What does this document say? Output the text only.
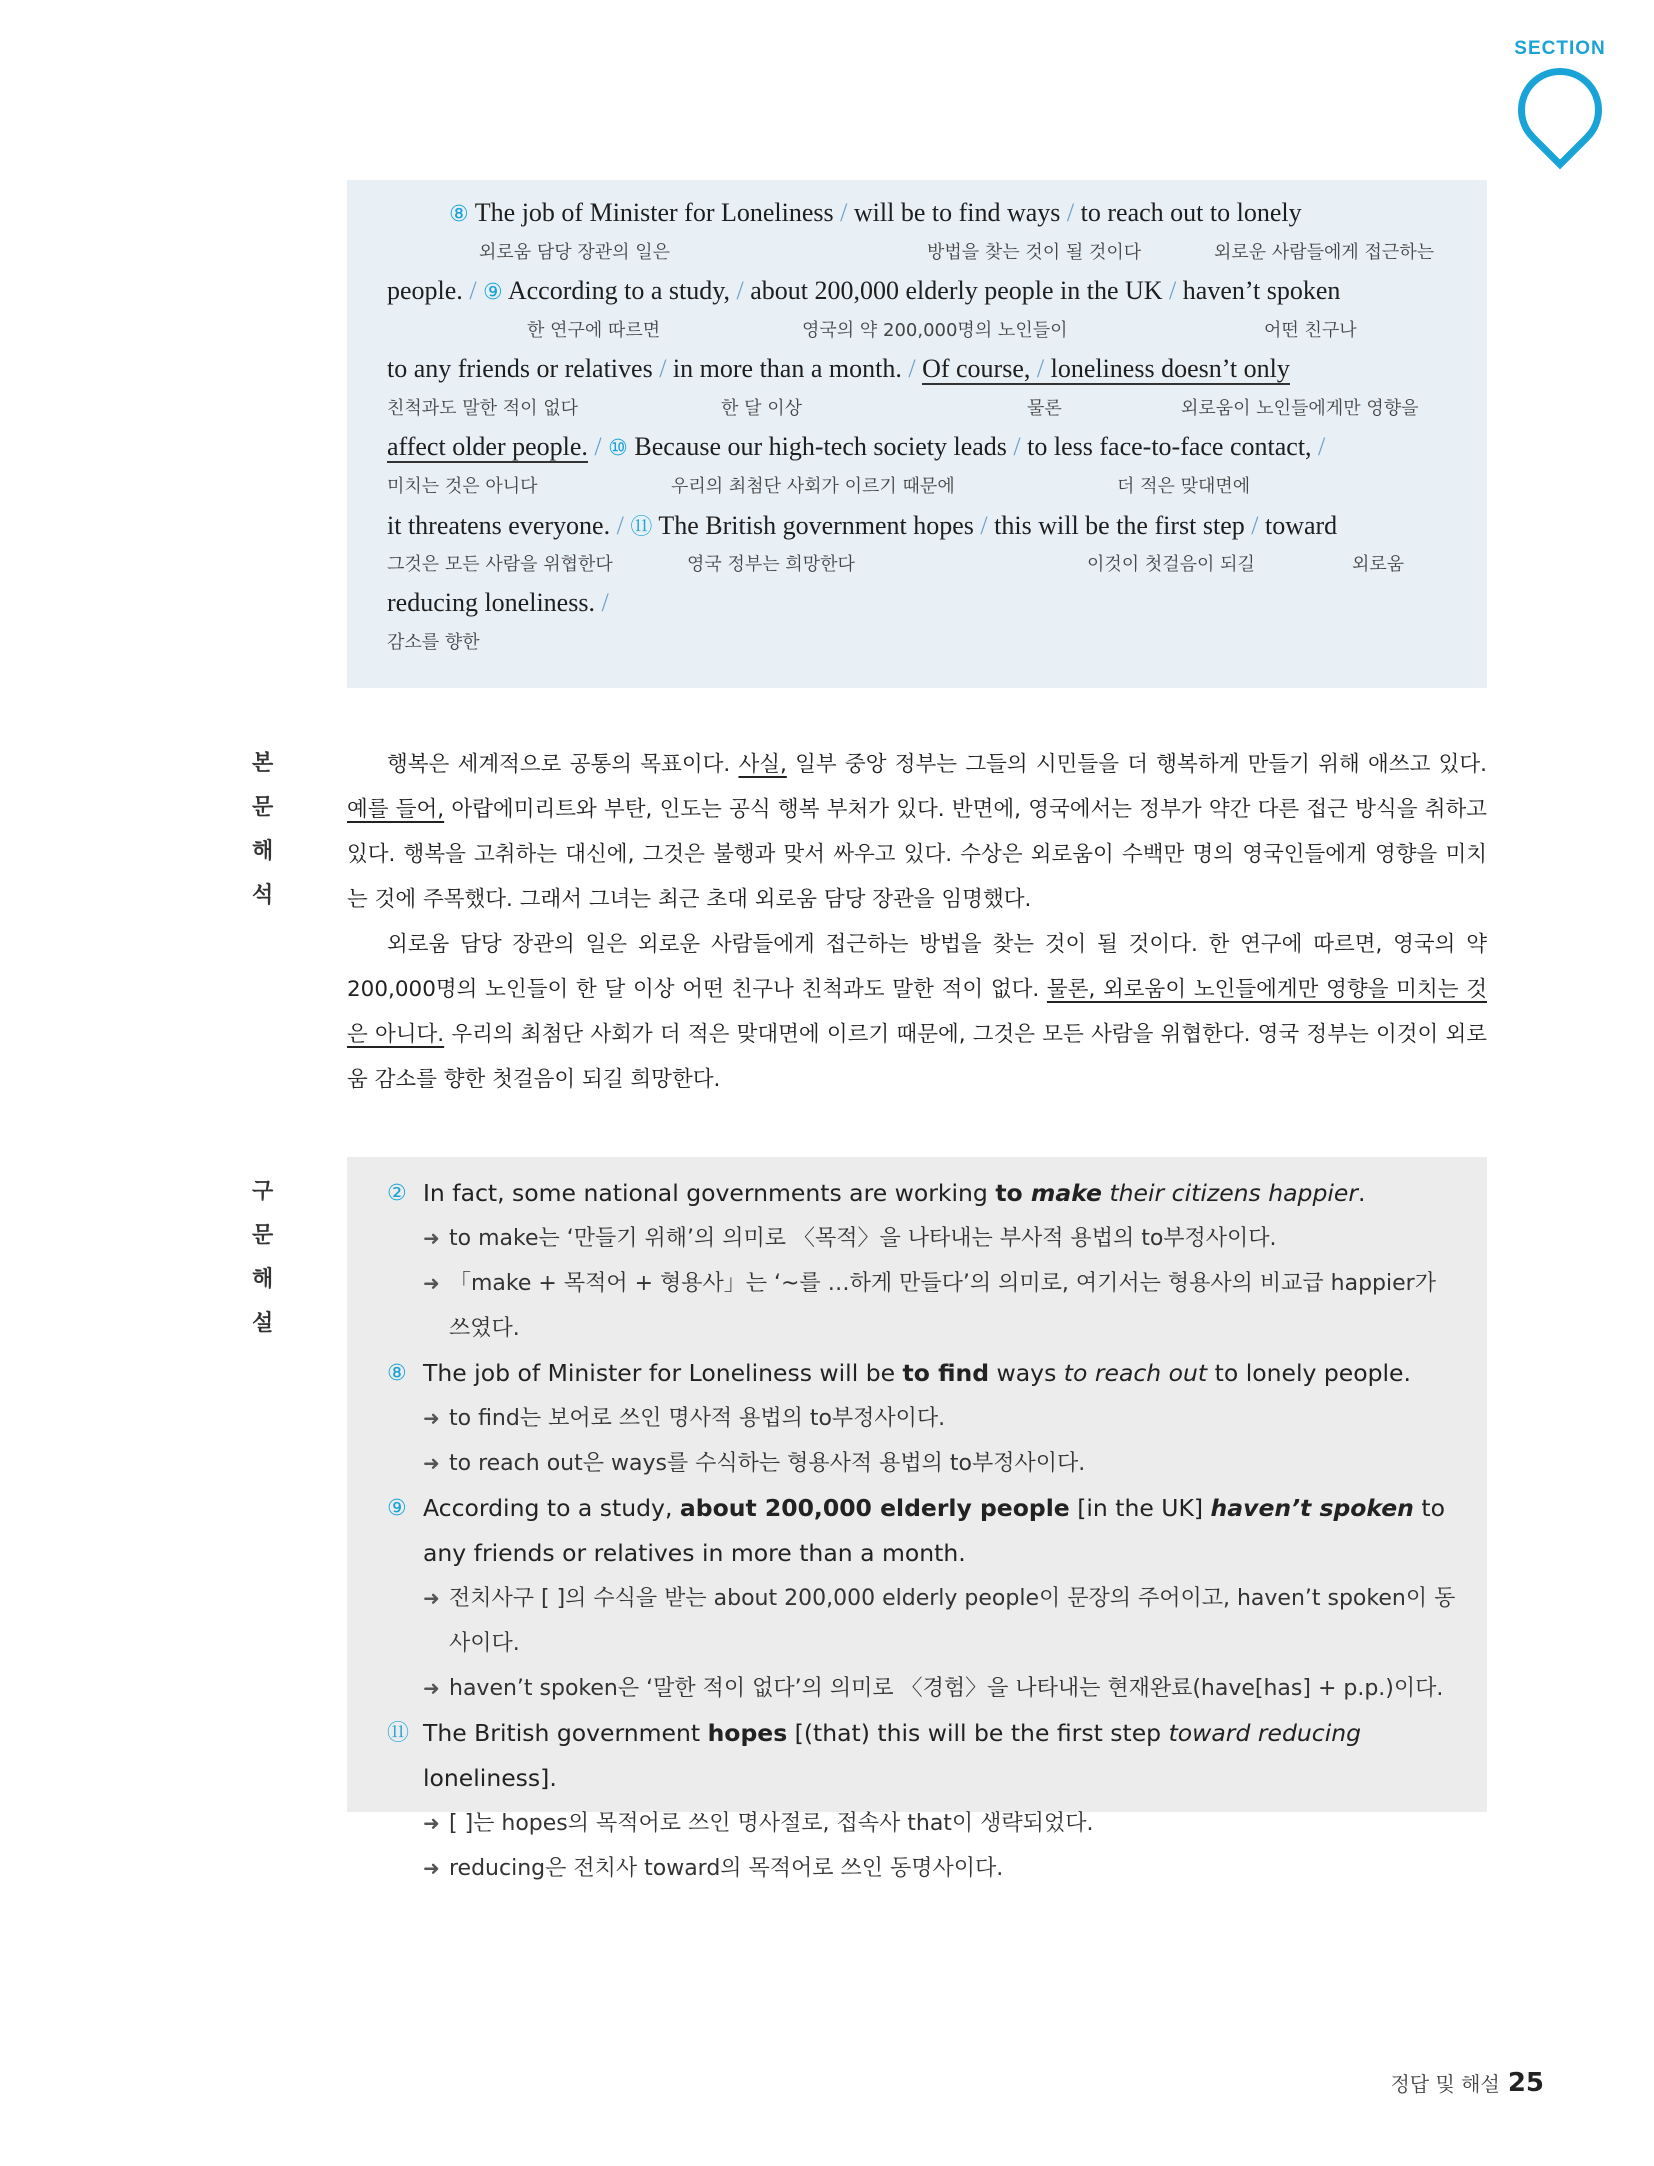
SECTION
03
⑧ The job of Minister for Loneliness / will be to find ways / to reach out to lonely
외로움 담당 장관의 일은	방법을 찾는 것이 될 것이다	외로운 사람들에게 접근하는
people. / ⑨ According to a study, / about 200,000 elderly people in the UK / haven’t spoken
한 연구에 따르면	영국의 약 200,000명의 노인들이	어떤 친구나
to any friends or relatives / in more than a month. / Of course, / loneliness doesn’t only
친척과도 말한 적이 없다	한 달 이상	물론	외로움이 노인들에게만 영향을
affect older people. / ⑩ Because our high-tech society leads / to less face-to-face contact, /
미치는 것은 아니다	우리의 최첨단 사회가 이르기 때문에	더 적은 맞대면에
it threatens everyone. / ⑪ The British government hopes / this will be the first step / toward
그것은 모든 사람을 위협한다	영국 정부는 희망한다	이것이 첫걸음이 되길	외로움
reducing loneliness. /
감소를 향한
본 문 해 석

행복은 세계적으로 공통의 목표이다. 사실, 일부 중앙 정부는 그들의 시민들을 더 행복하게 만들기 위해 애쓰고 있다. 예를 들어, 아랍에미리트와 부탄, 인도는 공식 행복 부처가 있다. 반면에, 영국에서는 정부가 약간 다른 접근 방식을 취하고 있다. 행복을 고취하는 대신에, 그것은 불행과 맞서 싸우고 있다. 수상은 외로움이 수백만 명의 영국인들에게 영향을 미치는 것에 주목했다. 그래서 그녀는 최근 초대 외로움 담당 장관을 임명했다.

외로움 담당 장관의 일은 외로운 사람들에게 접근하는 방법을 찾는 것이 될 것이다. 한 연구에 따르면, 영국의 약 200,000명의 노인들이 한 달 이상 어떤 친구나 친척과도 말한 적이 없다. 물론, 외로움이 노인들에게만 영향을 미치는 것은 아니다. 우리의 최첨단 사회가 더 적은 맞대면에 이르기 때문에, 그것은 모든 사람을 위협한다. 영국 정부는 이것이 외로움 감소를 향한 첫걸음이 되길 희망한다.

구 문 해 설
② In fact, some national governments are working to make their citizens happier.
➜ to make는 ‘만들기 위해’의 의미로 〈목적〉을 나타내는 부사적 용법의 to부정사이다.
➜ 「make + 목적어 + 형용사」는 ‘~를 …하게 만들다’의 의미로, 여기서는 형용사의 비교급 happier가 쓰였다.
⑧ The job of Minister for Loneliness will be to find ways to reach out to lonely people.
➜ to find는 보어로 쓰인 명사적 용법의 to부정사이다.
➜ to reach out은 ways를 수식하는 형용사적 용법의 to부정사이다.
⑨ According to a study, about 200,000 elderly people [in the UK] haven’t spoken to any friends or relatives in more than a month.
➜ 전치사구 [ ]의 수식을 받는 about 200,000 elderly people이 문장의 주어이고, haven’t spoken이 동사이다.
➜ haven’t spoken은 ‘말한 적이 없다’의 의미로 〈경험〉을 나타내는 현재완료(have[has] + p.p.)이다.
⑪ The British government hopes [(that) this will be the first step toward reducing loneliness].
➜ [ ]는 hopes의 목적어로 쓰인 명사절로, 접속사 that이 생략되었다.
➜ reducing은 전치사 toward의 목적어로 쓰인 동명사이다.
정답 및 해설 25
